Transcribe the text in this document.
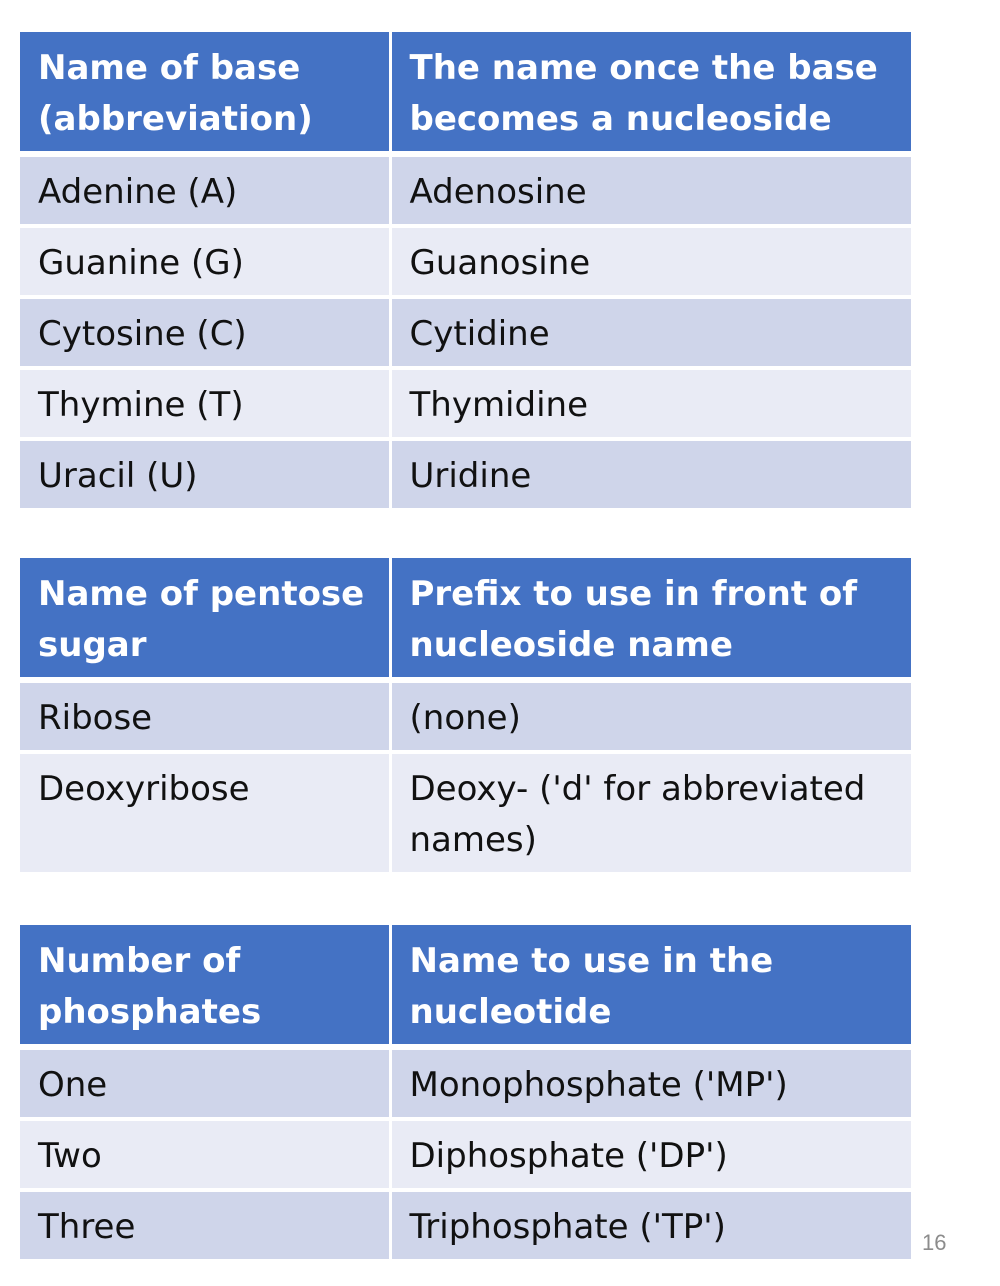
Name of base (abbreviation)	The name once the base becomes a nucleoside
Adenine (A)	Adenosine
Guanine (G)	Guanosine
Cytosine (C)	Cytidine
Thymine (T)	Thymidine
Uracil (U)	Uridine
Name of pentose sugar	Prefix to use in front of nucleoside name
Ribose	(none)
Deoxyribose	Deoxy- ('d' for abbreviated names)
Number of phosphates	Name to use in the nucleotide
One	Monophosphate ('MP')
Two	Diphosphate ('DP')
Three	Triphosphate ('TP')	16
